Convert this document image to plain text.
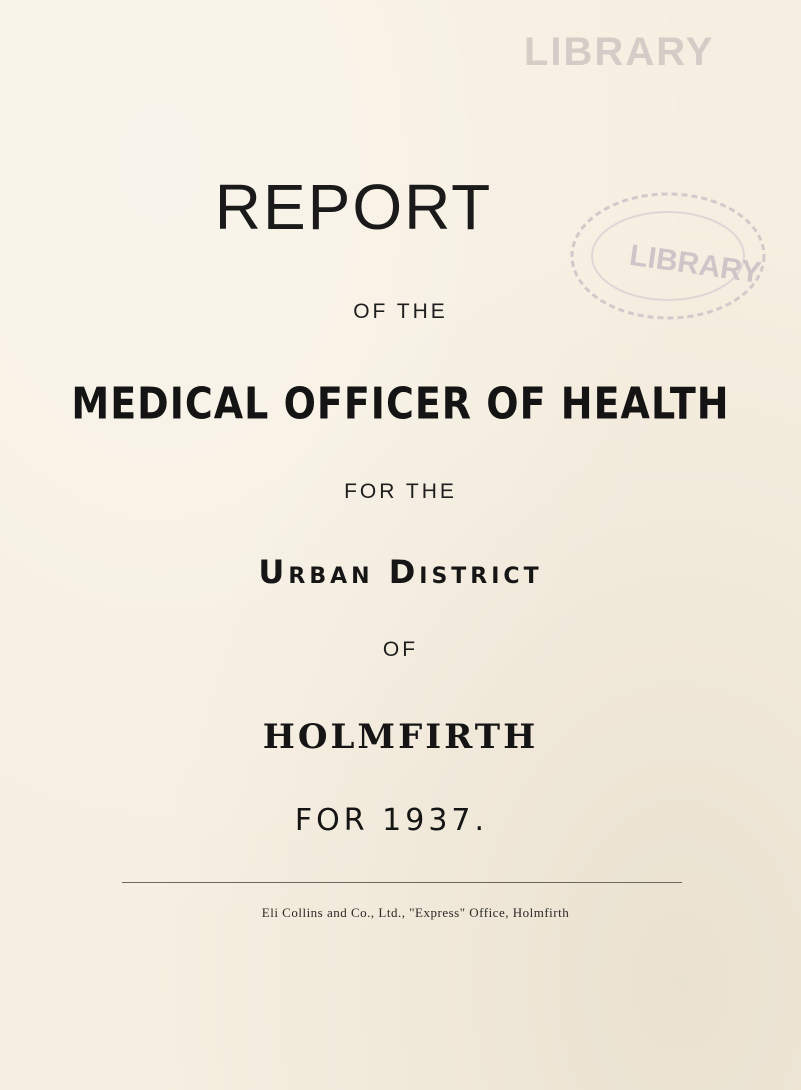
LIBRARY
LIBRARY
REPORT
OF THE
MEDICAL OFFICER OF HEALTH
FOR THE
Urban District
OF
HOLMFIRTH
FOR 1937.
Eli Collins and Co., Ltd., "Express" Office, Holmfirth
